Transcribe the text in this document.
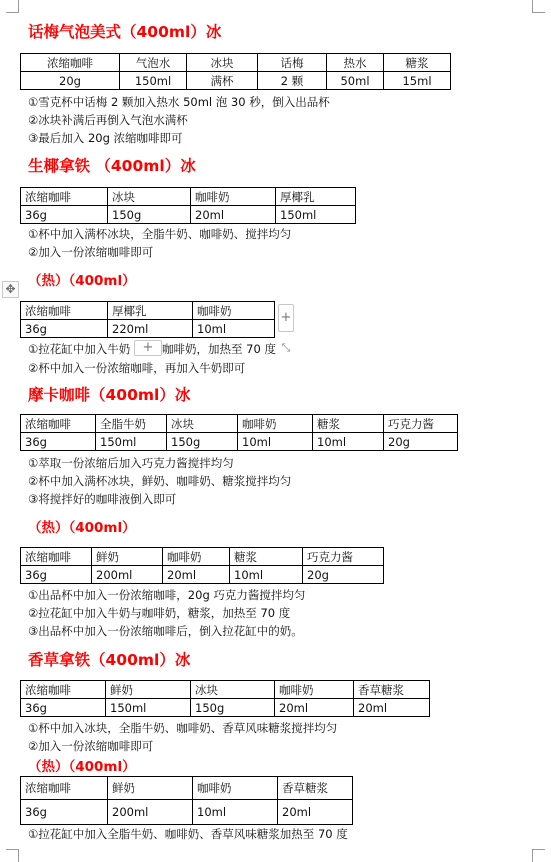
话梅气泡美式（400ml）冰
浓缩咖啡	气泡水	冰块	话梅	热水	糖浆
20g	150ml	满杯	2 颗	50ml	15ml
①雪克杯中话梅 2 颗加入热水 50ml 泡 30 秒，倒入出品杯
②冰块补满后再倒入气泡水满杯
③最后加入 20g 浓缩咖啡即可
生椰拿铁 （400ml）冰
浓缩咖啡	冰块	咖啡奶	厚椰乳
36g	150g	20ml	150ml
①杯中加入满杯冰块，全脂牛奶、咖啡奶、搅拌均匀
②加入一份浓缩咖啡即可
✥ （热）（400ml）
浓缩咖啡	厚椰乳	咖啡奶
36g	220ml	10ml
+
①拉花缸中加入牛奶	咖啡奶，加热至 70 度
+	⤡
②杯中加入一份浓缩咖啡，再加入牛奶即可
摩卡咖啡（400ml）冰
浓缩咖啡	全脂牛奶	冰块	咖啡奶	糖浆	巧克力酱
36g	150ml	150g	10ml	10ml	20g
①萃取一份浓缩后加入巧克力酱搅拌均匀
②杯中加入满杯冰块，鲜奶、咖啡奶、糖浆搅拌均匀
③将搅拌好的咖啡液倒入即可
（热）（400ml）
浓缩咖啡	鲜奶	咖啡奶	糖浆	巧克力酱
36g	200ml	20ml	10ml	20g
①出品杯中加入一份浓缩咖啡，20g 巧克力酱搅拌均匀
②拉花缸中加入牛奶与咖啡奶，糖浆，加热至 70 度
③出品杯中加入一份浓缩咖啡后，倒入拉花缸中的奶。
香草拿铁（400ml）冰
浓缩咖啡	鲜奶	冰块	咖啡奶	香草糖浆
36g	150ml	150g	20ml	20ml
①杯中加入冰块，全脂牛奶、咖啡奶、香草风味糖浆搅拌均匀
②加入一份浓缩咖啡即可
（热）（400ml）
浓缩咖啡	鲜奶	咖啡奶	香草糖浆
36g	200ml	10ml	20ml
①拉花缸中加入全脂牛奶、咖啡奶、香草风味糖浆加热至 70 度
